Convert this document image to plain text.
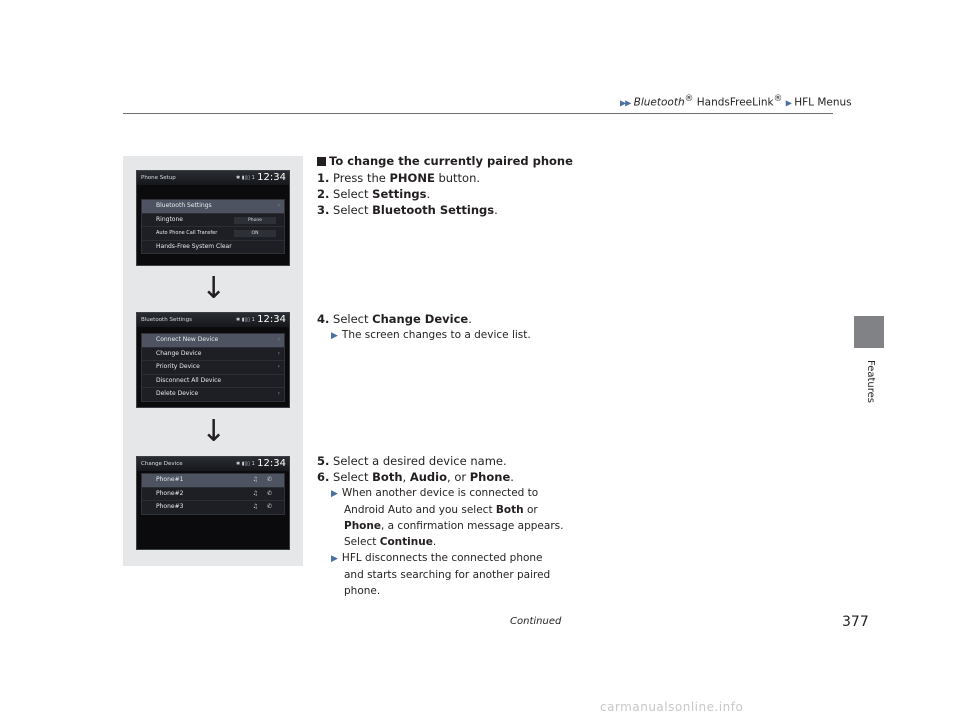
▶▶ Bluetooth® HandsFreeLink® ▶ HFL Menus
Features
Phone Setup	✱ ▮▯▯ 1 12:34
Bluetooth Settings	›
Ringtone	Phone
Auto Phone Call Transfer	ON
Hands-Free System Clear
↓
Bluetooth Settings	✱ ▮▯▯ 1 12:34
Connect New Device	›
Change Device	›
Priority Device	›
Disconnect All Device
Delete Device	›
↓
Change Device	✱ ▮▯▯ 1 12:34
Phone#1	♫ ✆
Phone#2	♫ ✆
Phone#3	♫ ✆
To change the currently paired phone
1. Press the PHONE button.
2. Select Settings.
3. Select Bluetooth Settings.
4. Select Change Device.
▶ The screen changes to a device list.
5. Select a desired device name.
6. Select Both, Audio, or Phone.
▶ When another device is connected to
Android Auto and you select Both or
Phone, a confirmation message appears.
Select Continue.
▶ HFL disconnects the connected phone
and starts searching for another paired
phone.
Continued	377
carmanualsonline.info
